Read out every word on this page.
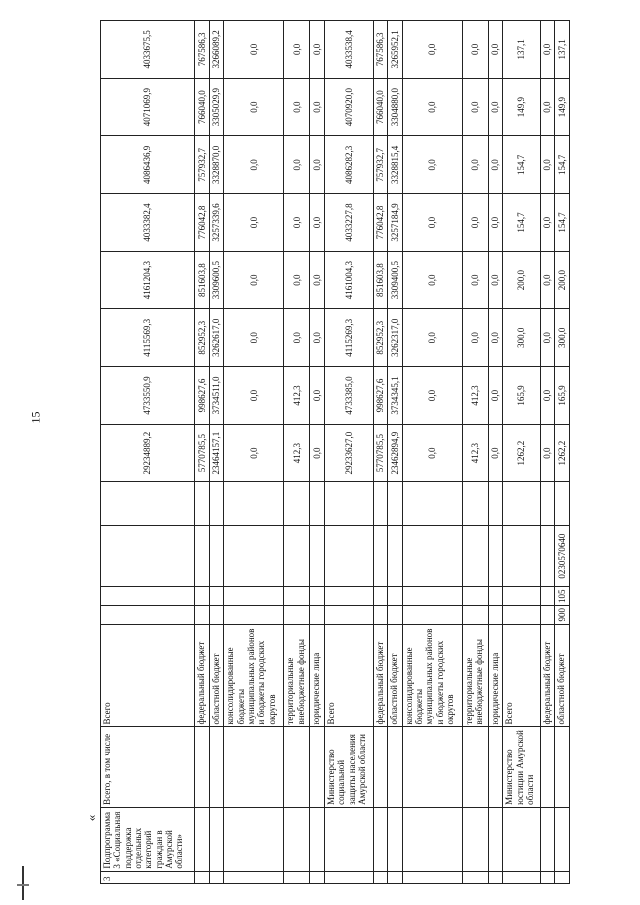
15
«
3	Подпрограмма 3 «Социальная поддержка отдельных категорий граждан в Амурской области»	Всего, в том числе	Всего					29234889,2	4733550,9	4115569,3	4161204,3	4033382,4	4086436,9	4071069,9	4033675,5
			федеральный бюджет					5770785,5	998627,6	852952,3	851603,8	776042,8	757932,7	766040,0	767586,3
			областной бюджет					23464157,1	3734511,0	3262617,0	3309600,5	3257339,6	3328870,0	3305029,9	3266089,2
			консолидированные бюджеты муниципальных районов и бюджеты городских округов					0,0	0,0	0,0	0,0	0,0	0,0	0,0	0,0
			территориальные внебюджетные фонды					412,3	412,3	0,0	0,0	0,0	0,0	0,0	0,0
			юридические лица					0,0	0,0	0,0	0,0	0,0	0,0	0,0	0,0
		Министерство социальной защиты населения Амурской области	Всего					29233627,0	4733385,0	4115269,3	4161004,3	4033227,8	4086282,3	4070920,0	4033538,4
			федеральный бюджет					5770785,5	998627,6	852952,3	851603,8	776042,8	757932,7	766040,0	767586,3
			областной бюджет					23462894,9	3734345,1	3262317,0	3309400,5	3257184,9	3328815,4	3304880,0	3265952,1
			консолидированные бюджеты муниципальных районов и бюджеты городских округов					0,0	0,0	0,0	0,0	0,0	0,0	0,0	0,0
			территориальные внебюджетные фонды					412,3	412,3	0,0	0,0	0,0	0,0	0,0	0,0
			юридические лица					0,0	0,0	0,0	0,0	0,0	0,0	0,0	0,0
		Министерство юстиции Амурской области	Всего					1262,2	165,9	300,0	200,0	154,7	154,7	149,9	137,1
			федеральный бюджет					0,0	0,0	0,0	0,0	0,0	0,0	0,0	0,0
			областной бюджет	900	105	0230570640		1262,2	165,9	300,0	200,0	154,7	154,7	149,9	137,1
